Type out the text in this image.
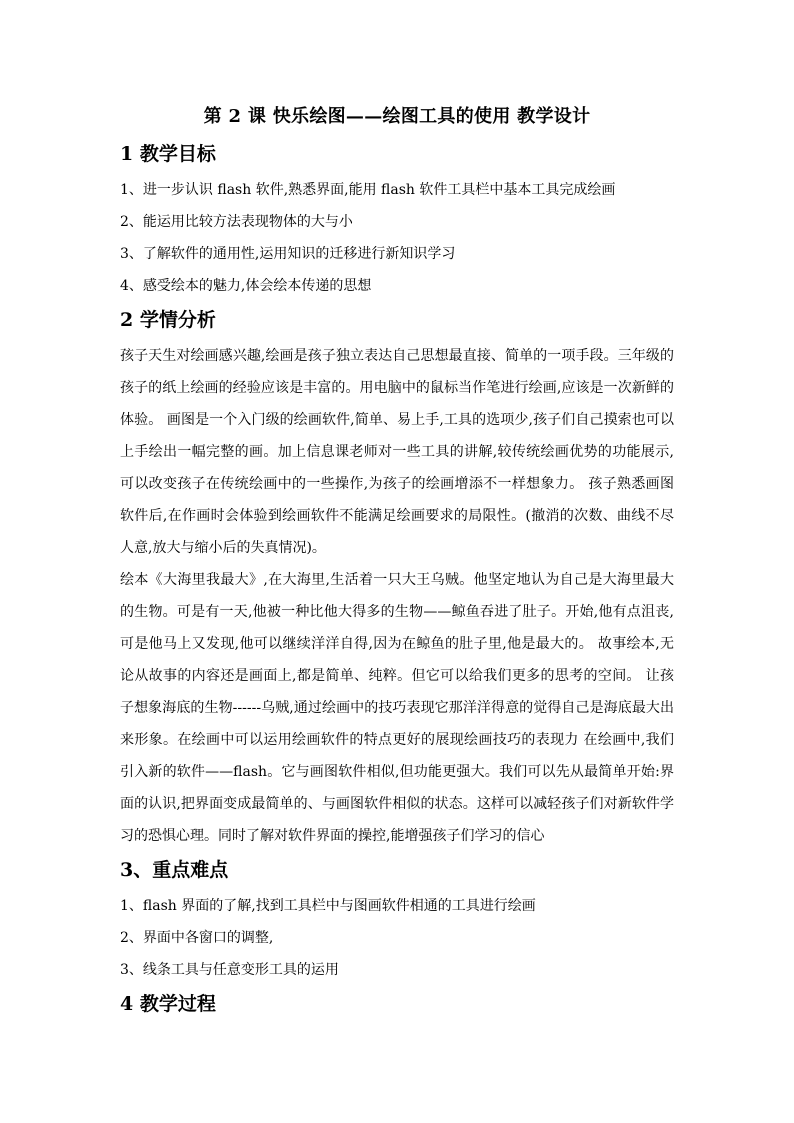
第 2 课 快乐绘图——绘图工具的使用 教学设计
1 教学目标

1、进一步认识 flash 软件,熟悉界面,能用 flash 软件工具栏中基本工具完成绘画

2、能运用比较方法表现物体的大与小

3、了解软件的通用性,运用知识的迁移进行新知识学习

4、感受绘本的魅力,体会绘本传递的思想

2 学情分析

孩子天生对绘画感兴趣,绘画是孩子独立表达自己思想最直接、简单的一项手段。三年级的孩子的纸上绘画的经验应该是丰富的。用电脑中的鼠标当作笔进行绘画,应该是一次新鲜的体验。 画图是一个入门级的绘画软件,简单、易上手,工具的选项少,孩子们自己摸索也可以上手绘出一幅完整的画。加上信息课老师对一些工具的讲解,较传统绘画优势的功能展示,可以改变孩子在传统绘画中的一些操作,为孩子的绘画增添不一样想象力。 孩子熟悉画图软件后,在作画时会体验到绘画软件不能满足绘画要求的局限性。(撤消的次数、曲线不尽人意,放大与缩小后的失真情况)。

绘本《大海里我最大》,在大海里,生活着一只大王乌贼。他坚定地认为自己是大海里最大的生物。可是有一天,他被一种比他大得多的生物——鲸鱼吞进了肚子。开始,他有点沮丧,可是他马上又发现,他可以继续洋洋自得,因为在鲸鱼的肚子里,他是最大的。 故事绘本,无论从故事的内容还是画面上,都是简单、纯粹。但它可以给我们更多的思考的空间。 让孩子想象海底的生物------乌贼,通过绘画中的技巧表现它那洋洋得意的觉得自己是海底最大出来形象。在绘画中可以运用绘画软件的特点更好的展现绘画技巧的表现力 在绘画中,我们引入新的软件——flash。它与画图软件相似,但功能更强大。我们可以先从最简单开始:界面的认识,把界面变成最简单的、与画图软件相似的状态。这样可以减轻孩子们对新软件学习的恐惧心理。同时了解对软件界面的操控,能增强孩子们学习的信心

3、重点难点

1、flash 界面的了解,找到工具栏中与图画软件相通的工具进行绘画

2、界面中各窗口的调整,

3、线条工具与任意变形工具的运用

4 教学过程
